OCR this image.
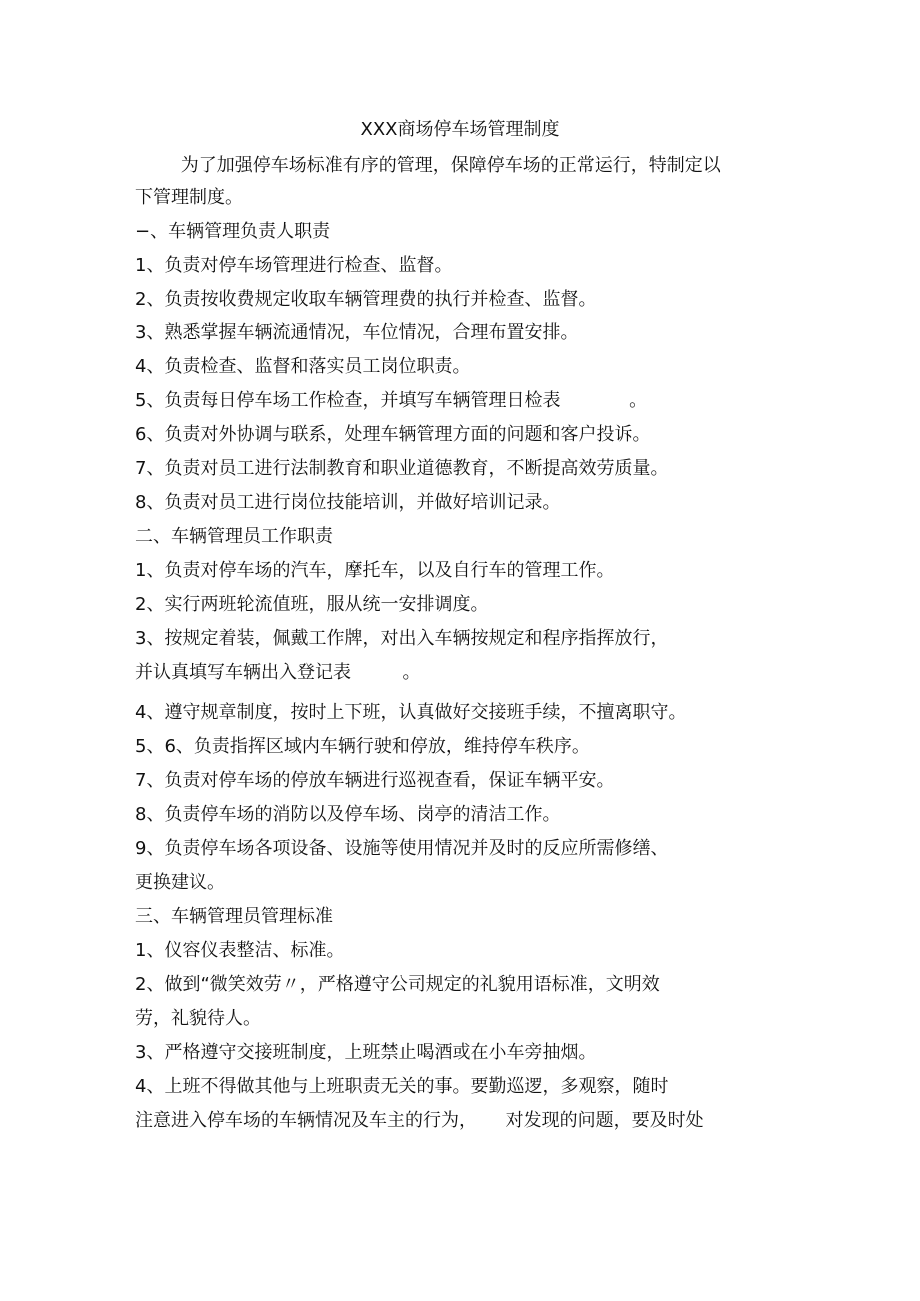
XXX商场停车场管理制度
为了加强停车场标准有序的管理，保障停车场的正常运行，特制定以
下管理制度。
−、车辆管理负责人职责
1、负责对停车场管理进行检查、监督。
2、负责按收费规定收取车辆管理费的执行并检查、监督。
3、熟悉掌握车辆流通情况，车位情况，合理布置安排。
4、负责检查、监督和落实员工岗位职责。
5、负责每日停车场工作检查，并填写车辆管理日检表            。
6、负责对外协调与联系，处理车辆管理方面的问题和客户投诉。
7、负责对员工进行法制教育和职业道德教育，不断提高效劳质量。
8、负责对员工进行岗位技能培训，并做好培训记录。
二、车辆管理员工作职责
1、负责对停车场的汽车，摩托车，以及自行车的管理工作。
2、实行两班轮流值班，服从统一安排调度。
3、按规定着装，佩戴工作牌，对出入车辆按规定和程序指挥放行，
并认真填写车辆出入登记表         。
4、遵守规章制度，按时上下班，认真做好交接班手续，不擅离职守。
5、6、负责指挥区域内车辆行驶和停放，维持停车秩序。
7、负责对停车场的停放车辆进行巡视查看，保证车辆平安。
8、负责停车场的消防以及停车场、岗亭的清洁工作。
9、负责停车场各项设备、设施等使用情况并及时的反应所需修缮、
更换建议。
三、车辆管理员管理标准
1、仪容仪表整洁、标准。
2、做到“微笑效劳〃，严格遵守公司规定的礼貌用语标准，文明效
劳，礼貌待人。
3、严格遵守交接班制度，上班禁止喝酒或在小车旁抽烟。
4、上班不得做其他与上班职责无关的事。要勤巡逻，多观察，随时
注意进入停车场的车辆情况及车主的行为，     对发现的问题，要及时处
